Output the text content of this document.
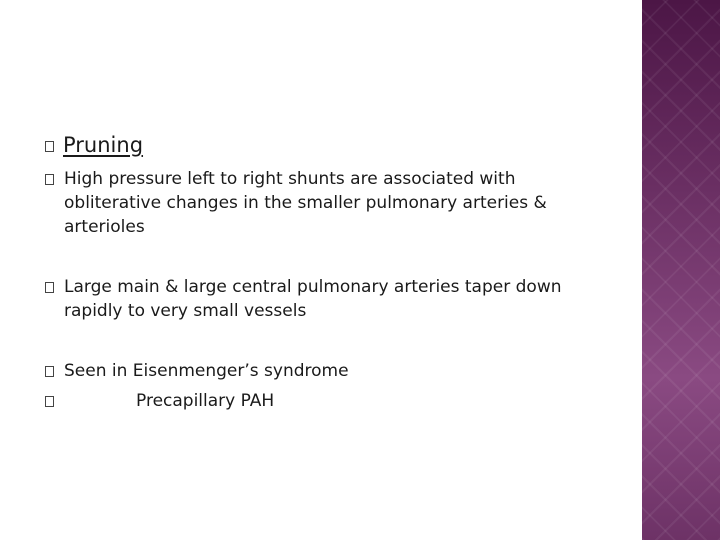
Pruning
High pressure left to right shunts are associated with
obliterative changes in the smaller pulmonary arteries &
arterioles
Large main & large central pulmonary arteries taper down
rapidly to very small vessels
Seen in Eisenmenger’s syndrome
Precapillary PAH
